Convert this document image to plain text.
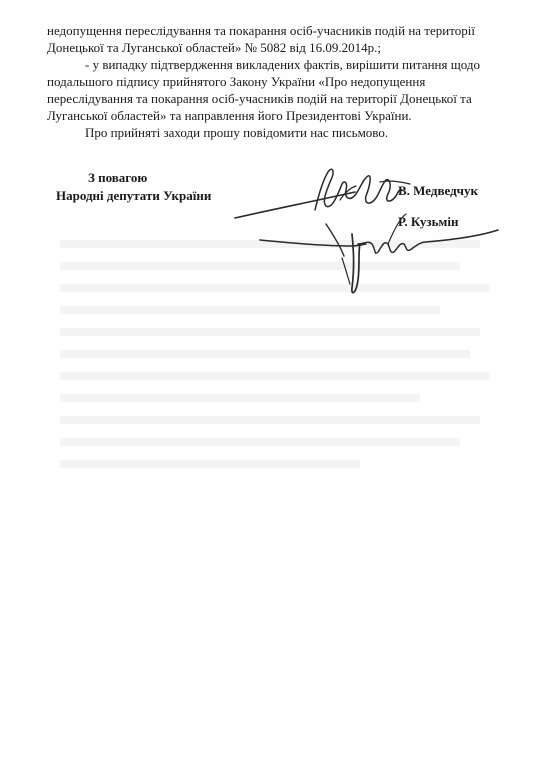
недопущення переслідування та покарання осіб-учасників подій на території

Донецької та Луганської областей» № 5082 від 16.09.2014р.;

- у випадку підтвердження викладених фактів, вирішити питання щодо

подальшого підпису прийнятого Закону України «Про недопущення

переслідування та покарання осіб-учасників подій на території Донецької та

Луганської областей» та направлення його Президентові України.

Про прийняті заходи прошу повідомити нас письмово.

З повагою
Народні депутати України	В. Медведчук
Р. Кузьмін
